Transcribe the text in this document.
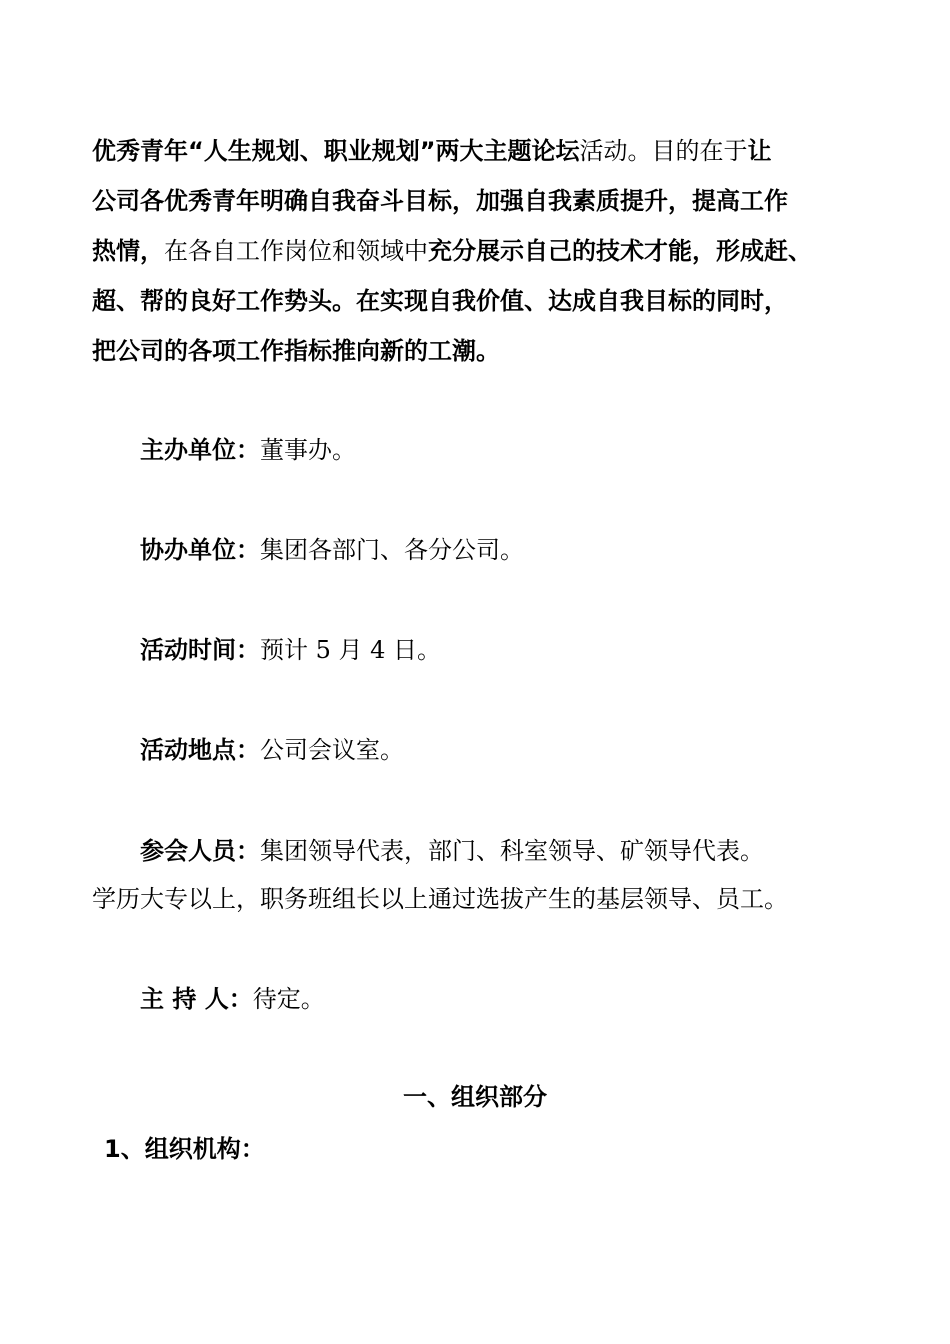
优秀青年“人生规划、职业规划”两大主题论坛活动。目的在于让
公司各优秀青年明确自我奋斗目标，加强自我素质提升，提高工作
热情，在各自工作岗位和领域中充分展示自己的技术才能，形成赶、
超、帮的良好工作势头。在实现自我价值、达成自我目标的同时，
把公司的各项工作指标推向新的工潮。
主办单位：董事办。
协办单位：集团各部门、各分公司。
活动时间：预计 5 月 4 日。
活动地点：公司会议室。
参会人员：集团领导代表，部门、科室领导、矿领导代表。
学历大专以上，职务班组长以上通过选拔产生的基层领导、员工。
主 持 人：待定。
一、组织部分
1、组织机构：
